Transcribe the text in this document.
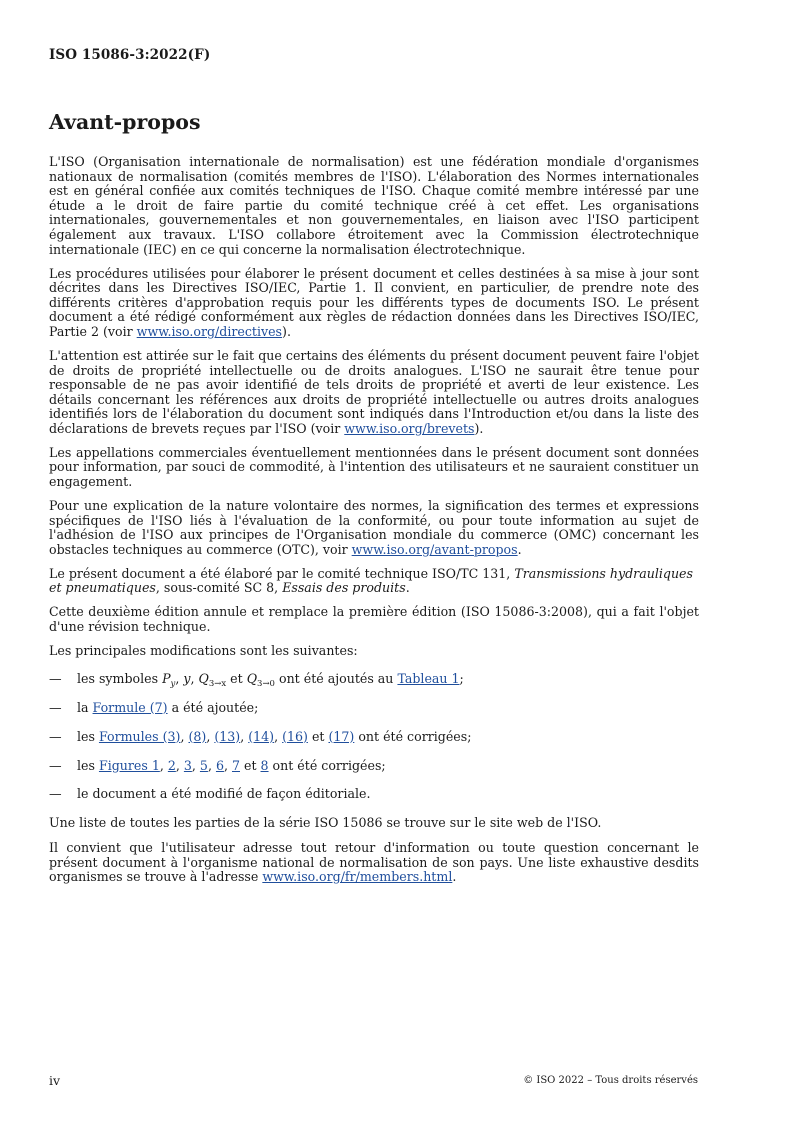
ISO 15086-3:2022(F)
Avant-propos

L'ISO (Organisation internationale de normalisation) est une fédération mondiale d'organismes nationaux de normalisation (comités membres de l'ISO). L'élaboration des Normes internationales est en général confiée aux comités techniques de l'ISO. Chaque comité membre intéressé par une étude a le droit de faire partie du comité technique créé à cet effet. Les organisations internationales, gouvernementales et non gouvernementales, en liaison avec l'ISO participent également aux travaux. L'ISO collabore étroitement avec la Commission électrotechnique internationale (IEC) en ce qui concerne la normalisation électrotechnique.

Les procédures utilisées pour élaborer le présent document et celles destinées à sa mise à jour sont décrites dans les Directives ISO/IEC, Partie 1. Il convient, en particulier, de prendre note des différents critères d'approbation requis pour les différents types de documents ISO. Le présent document a été rédigé conformément aux règles de rédaction données dans les Directives ISO/IEC, Partie 2 (voir www.iso.org/directives).

L'attention est attirée sur le fait que certains des éléments du présent document peuvent faire l'objet de droits de propriété intellectuelle ou de droits analogues. L'ISO ne saurait être tenue pour responsable de ne pas avoir identifié de tels droits de propriété et averti de leur existence. Les détails concernant les références aux droits de propriété intellectuelle ou autres droits analogues identifiés lors de l'élaboration du document sont indiqués dans l'Introduction et/ou dans la liste des déclarations de brevets reçues par l'ISO (voir www.iso.org/brevets).

Les appellations commerciales éventuellement mentionnées dans le présent document sont données pour information, par souci de commodité, à l'intention des utilisateurs et ne sauraient constituer un engagement.

Pour une explication de la nature volontaire des normes, la signification des termes et expressions spécifiques de l'ISO liés à l'évaluation de la conformité, ou pour toute information au sujet de l'adhésion de l'ISO aux principes de l'Organisation mondiale du commerce (OMC) concernant les obstacles techniques au commerce (OTC), voir www.iso.org/avant-propos.

Le présent document a été élaboré par le comité technique ISO/TC 131, Transmissions hydrauliques et pneumatiques, sous-comité SC 8, Essais des produits.

Cette deuxième édition annule et remplace la première édition (ISO 15086-3:2008), qui a fait l'objet d'une révision technique.

Les principales modifications sont les suivantes:

—	les symboles $P_y$, y, $Q_{3\to x}$ et $Q_{3\to 0}$ ont été ajoutés au Tableau 1;
—	la Formule (7) a été ajoutée;
—	les Formules (3), (8), (13), (14), (16) et (17) ont été corrigées;
—	les Figures 1, 2, 3, 5, 6, 7 et 8 ont été corrigées;
—	le document a été modifié de façon éditoriale.

Une liste de toutes les parties de la série ISO 15086 se trouve sur le site web de l'ISO.

Il convient que l'utilisateur adresse tout retour d'information ou toute question concernant le présent document à l'organisme national de normalisation de son pays. Une liste exhaustive desdits organismes se trouve à l'adresse www.iso.org/fr/members.html.

iv	© ISO 2022 – Tous droits réservés
